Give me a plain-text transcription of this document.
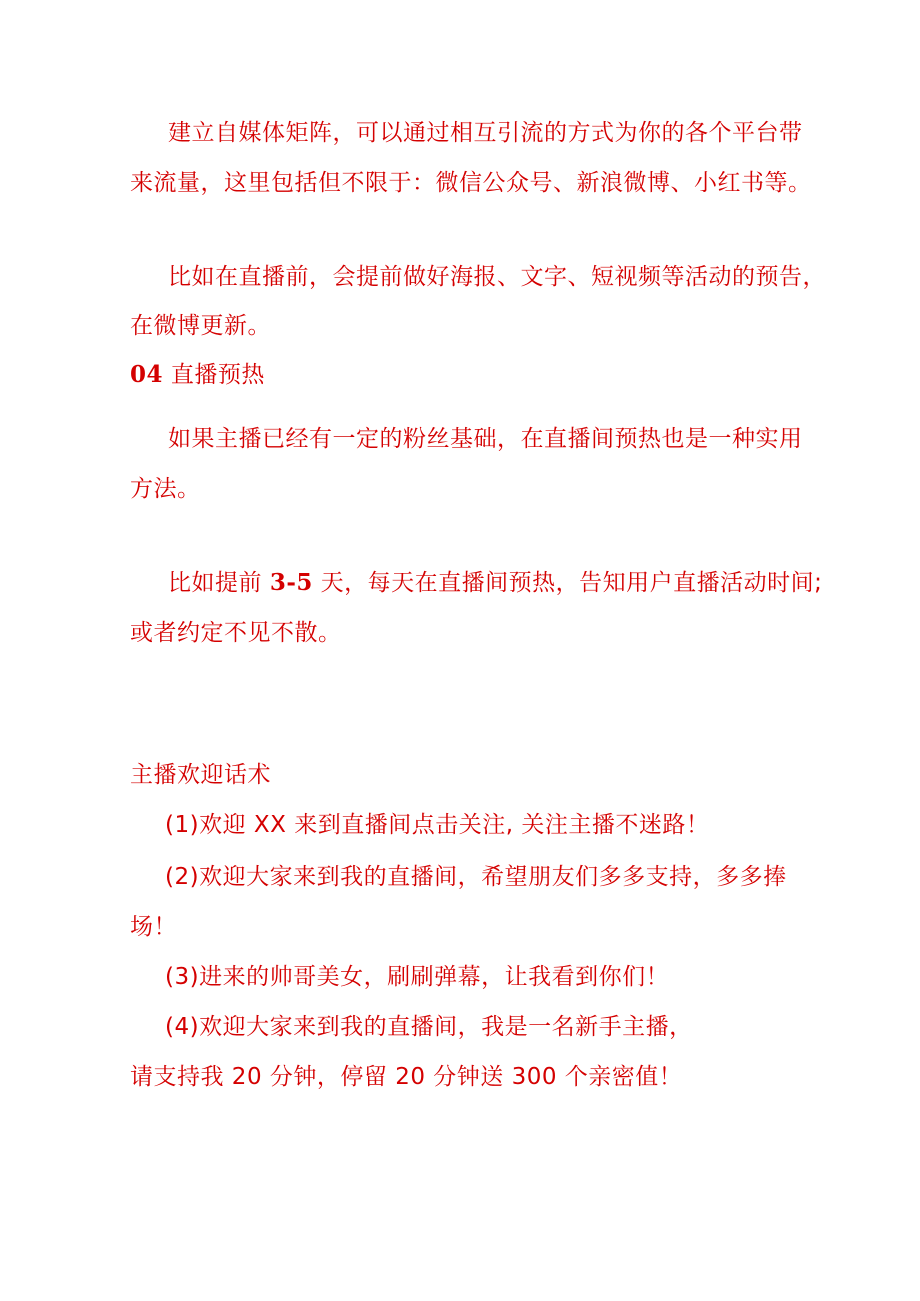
建立自媒体矩阵，可以通过相互引流的方式为你的各个平台带
来流量，这里包括但不限于：微信公众号、新浪微博、小红书等。
比如在直播前，会提前做好海报、文字、短视频等活动的预告，
在微博更新。
04 直播预热
如果主播已经有一定的粉丝基础，在直播间预热也是一种实用
方法。
比如提前 3-5 天，每天在直播间预热，告知用户直播活动时间;
或者约定不见不散。
主播欢迎话术
(1)欢迎 XX 来到直播间点击关注, 关注主播不迷路！
(2)欢迎大家来到我的直播间，希望朋友们多多支持，多多捧
场！
(3)进来的帅哥美女，刷刷弹幕，让我看到你们！
(4)欢迎大家来到我的直播间，我是一名新手主播，
请支持我 20 分钟，停留 20 分钟送 300 个亲密值！
